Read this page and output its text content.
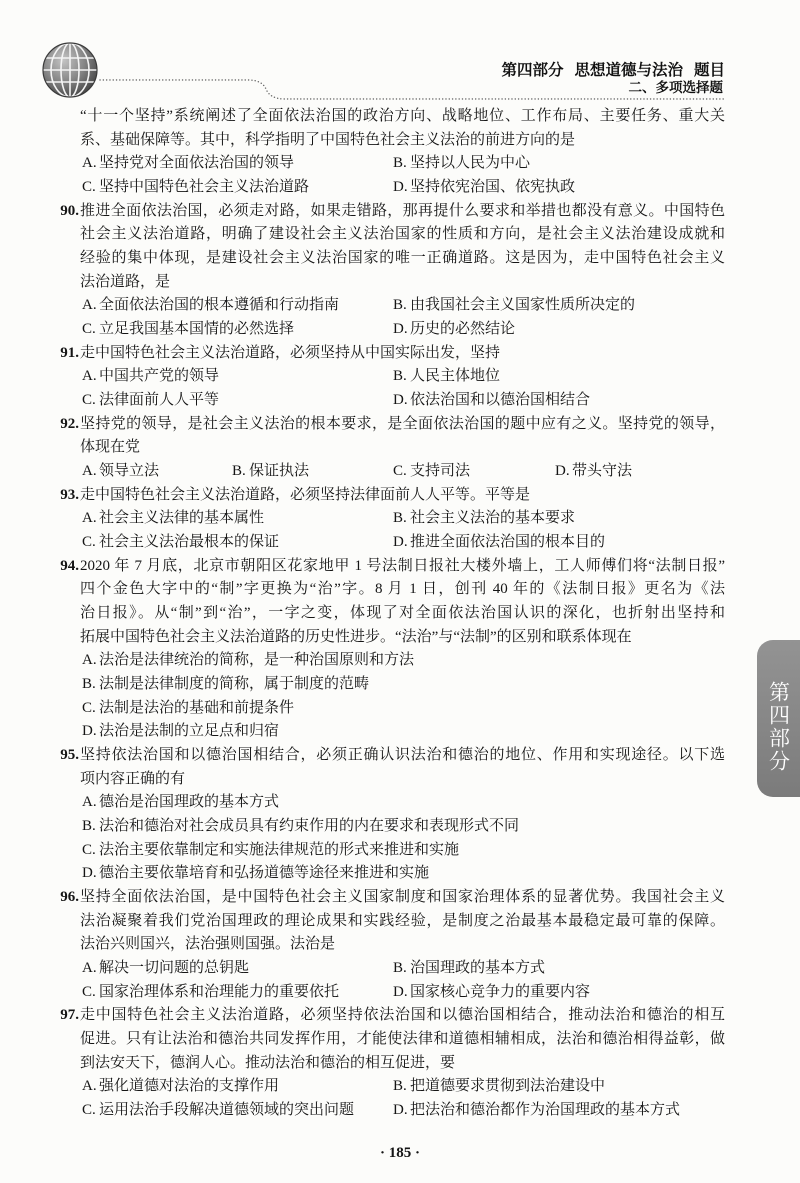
第四部分 思想道德与法治 题目
二、多项选择题
“十一个坚持”系统阐述了全面依法治国的政治方向、战略地位、工作布局、主要任务、重大关
系、基础保障等。其中，科学指明了中国特色社会主义法治的前进方向的是
A. 坚持党对全面依法治国的领导	B. 坚持以人民为中心
C. 坚持中国特色社会主义法治道路	D. 坚持依宪治国、依宪执政
90. 推进全面依法治国，必须走对路，如果走错路，那再提什么要求和举措也都没有意义。中国特色
社会主义法治道路，明确了建设社会主义法治国家的性质和方向，是社会主义法治建设成就和
经验的集中体现，是建设社会主义法治国家的唯一正确道路。这是因为，走中国特色社会主义
法治道路，是
A. 全面依法治国的根本遵循和行动指南	B. 由我国社会主义国家性质所决定的
C. 立足我国基本国情的必然选择	D. 历史的必然结论
91. 走中国特色社会主义法治道路，必须坚持从中国实际出发，坚持
A. 中国共产党的领导	B. 人民主体地位
C. 法律面前人人平等	D. 依法治国和以德治国相结合
92. 坚持党的领导，是社会主义法治的根本要求，是全面依法治国的题中应有之义。坚持党的领导，
体现在党
A. 领导立法	B. 保证执法	C. 支持司法	D. 带头守法
93. 走中国特色社会主义法治道路，必须坚持法律面前人人平等。平等是
A. 社会主义法律的基本属性	B. 社会主义法治的基本要求
C. 社会主义法治最根本的保证	D. 推进全面依法治国的根本目的
94. 2020 年 7 月底，北京市朝阳区花家地甲 1 号法制日报社大楼外墙上，工人师傅们将“法制日报”
四个金色大字中的“制”字更换为“治”字。8 月 1 日，创刊 40 年的《法制日报》更名为《法
治日报》。从“制”到“治”，一字之变，体现了对全面依法治国认识的深化，也折射出坚持和
拓展中国特色社会主义法治道路的历史性进步。“法治”与“法制”的区别和联系体现在
A. 法治是法律统治的简称，是一种治国原则和方法
B. 法制是法律制度的简称，属于制度的范畴
C. 法制是法治的基础和前提条件
D. 法治是法制的立足点和归宿
95. 坚持依法治国和以德治国相结合，必须正确认识法治和德治的地位、作用和实现途径。以下选
项内容正确的有
A. 德治是治国理政的基本方式
B. 法治和德治对社会成员具有约束作用的内在要求和表现形式不同
C. 法治主要依靠制定和实施法律规范的形式来推进和实施
D. 德治主要依靠培育和弘扬道德等途径来推进和实施
96. 坚持全面依法治国，是中国特色社会主义国家制度和国家治理体系的显著优势。我国社会主义
法治凝聚着我们党治国理政的理论成果和实践经验，是制度之治最基本最稳定最可靠的保障。
法治兴则国兴，法治强则国强。法治是
A. 解决一切问题的总钥匙	B. 治国理政的基本方式
C. 国家治理体系和治理能力的重要依托	D. 国家核心竞争力的重要内容
97. 走中国特色社会主义法治道路，必须坚持依法治国和以德治国相结合，推动法治和德治的相互
促进。只有让法治和德治共同发挥作用，才能使法律和道德相辅相成，法治和德治相得益彰，做
到法安天下，德润人心。推动法治和德治的相互促进，要
A. 强化道德对法治的支撑作用	B. 把道德要求贯彻到法治建设中
C. 运用法治手段解决道德领域的突出问题	D. 把法治和德治都作为治国理政的基本方式
第四部分
· 185 ·
